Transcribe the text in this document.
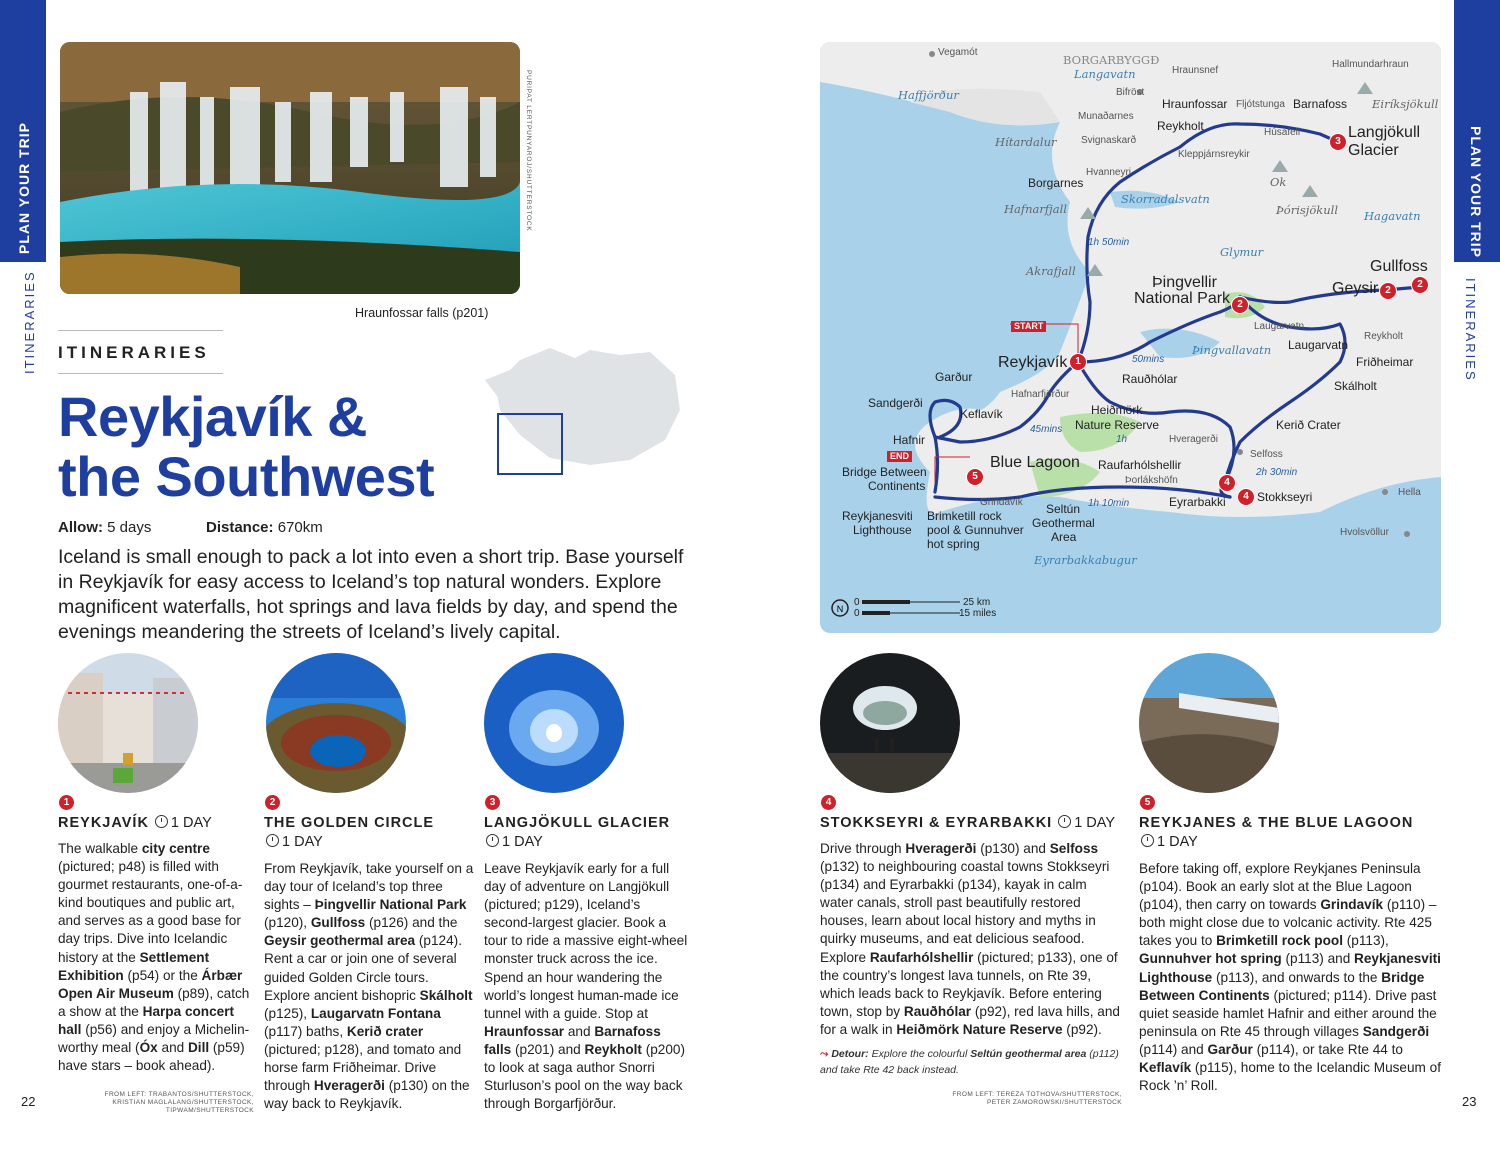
PLAN YOUR TRIP
ITINERARIES
PLAN YOUR TRIP
ITINERARIES
22	23
PURIPAT LERTPUNYAROJ/SHUTTERSTOCK
Hraunfossar falls (p201)
ITINERARIES
Reykjavík &
the Southwest
Allow: 5 days	Distance: 670km
Iceland is small enough to pack a lot into even a short trip. Base yourself in Reykjavík for easy access to Iceland’s top natural wonders. Explore magnificent waterfalls, hot springs and lava fields by day, and spend the evenings meandering the streets of Iceland’s lively capital.
1
REYKJAVÍK 1 DAY
2
THE GOLDEN CIRCLE
1 DAY
3
LANGJÖKULL GLACIER
1 DAY
4
STOKKSEYRI & EYRARBAKKI 1 DAY
5
REYKJANES & THE BLUE LAGOON
1 DAY
The walkable city centre (pictured; p48) is filled with gourmet restaurants, one-of-a-kind boutiques and public art, and serves as a good base for day trips. Dive into Icelandic history at the Settlement Exhibition (p54) or the Árbær Open Air Museum (p89), catch a show at the Harpa concert hall (p56) and enjoy a Michelin-worthy meal (Óx and Dill (p59) have stars – book ahead).
From Reykjavík, take yourself on a day tour of Iceland’s top three sights – Þingvellir National Park (p120), Gullfoss (p126) and the Geysir geothermal area (p124). Rent a car or join one of several guided Golden Circle tours. Explore ancient bishopric Skálholt (p125), Laugarvatn Fontana (p117) baths, Kerið crater (pictured; p128), and tomato and horse farm Friðheimar. Drive through Hveragerði (p130) on the way back to Reykjavík.
Leave Reykjavík early for a full day of adventure on Langjökull (pictured; p129), Iceland’s second-largest glacier. Book a tour to ride a massive eight-wheel monster truck across the ice. Spend an hour wandering the world’s longest human-made ice tunnel with a guide. Stop at Hraunfossar and Barnafoss falls (p201) and Reykholt (p200) to look at saga author Snorri Sturluson’s pool on the way back through Borgarfjörður.
Drive through Hveragerði (p130) and Selfoss (p132) to neighbouring coastal towns Stokkseyri (p134) and Eyrarbakki (p134), kayak in calm water canals, stroll past beautifully restored houses, learn about local history and myths in quirky museums, and eat delicious seafood. Explore Raufarhólshellir (pictured; p133), one of the country’s longest lava tunnels, on Rte 39, which leads back to Reykjavík. Before entering town, stop by Rauðhólar (p92), red lava hills, and for a walk in Heiðmörk Nature Reserve (p92).
Before taking off, explore Reykjanes Peninsula (p104). Book an early slot at the Blue Lagoon (p104), then carry on towards Grindavík (p110) – both might close due to volcanic activity. Rte 425 takes you to Brimketill rock pool (p113), Gunnuhver hot spring (p113) and Reykjanesviti Lighthouse (p113), and onwards to the Bridge Between Continents (pictured; p114). Drive past quiet seaside hamlet Hafnir and either around the peninsula on Rte 45 through villages Sandgerði (p114) and Garður (p114), or take Rte 44 to Keflavík (p115), home to the Icelandic Museum of Rock ’n’ Roll.
⤳ Detour: Explore the colourful Seltún geothermal area (p112) and take Rte 42 back instead.
FROM LEFT: TRABANTOS/SHUTTERSTOCK,
KRISTIAN MAGLALANG/SHUTTERSTOCK,
TIPWAM/SHUTTERSTOCK
FROM LEFT: TEREZA TOTHOVA/SHUTTERSTOCK,
PETER ZAMOROWSKI/SHUTTERSTOCK
N
Vegamót
BORGARBYGGÐ
Langavatn	Hraunsnef
Hallmundarhraun
Haffjörður	Bifröst
Hraunfossar Fljótstunga Barnafoss Eiríksjökull
Munaðarnes
Reykholt	Húsafell
3
Langjökull
Glacier
Hítardalur Svignaskarð
Kleppjárnsreykir
Hvanneyri
Ok
Borgarnes
Hafnarfjall
Skorradalsvatn
Þórisjökull Hagavatn
1h 50min
Glymur
Akrafjall	Gullfoss
Geysir 2
2
Þingvellir
National Park 2
Laugarvatn
Laugarvatn
Reykholt
START
Reykjavík 1	50mins
Þingvallavatn
Friðheimar
Hafnarfjörður
Garður	Rauðhólar	Skálholt
Sandgerði
Keflavík	Heiðmörk
Nature Reserve
1h
Kerið Crater
45mins
Hafnir	Hveragerði
END	Selfoss
Bridge Between
Continents
Blue Lagoon Raufarhólshellir
Þorlákshöfn
2h 30min
Hella
5
4
Grindavík	1h 10min	Eyrarbakki	4 Stokkseyri
Reykjanesviti
Lighthouse
Brimketill rock
pool & Gunnuhver
hot spring
Seltún
Geothermal
Area	Hvolsvöllur
Eyrarbakkabugur
0
0
25 km
15 miles
